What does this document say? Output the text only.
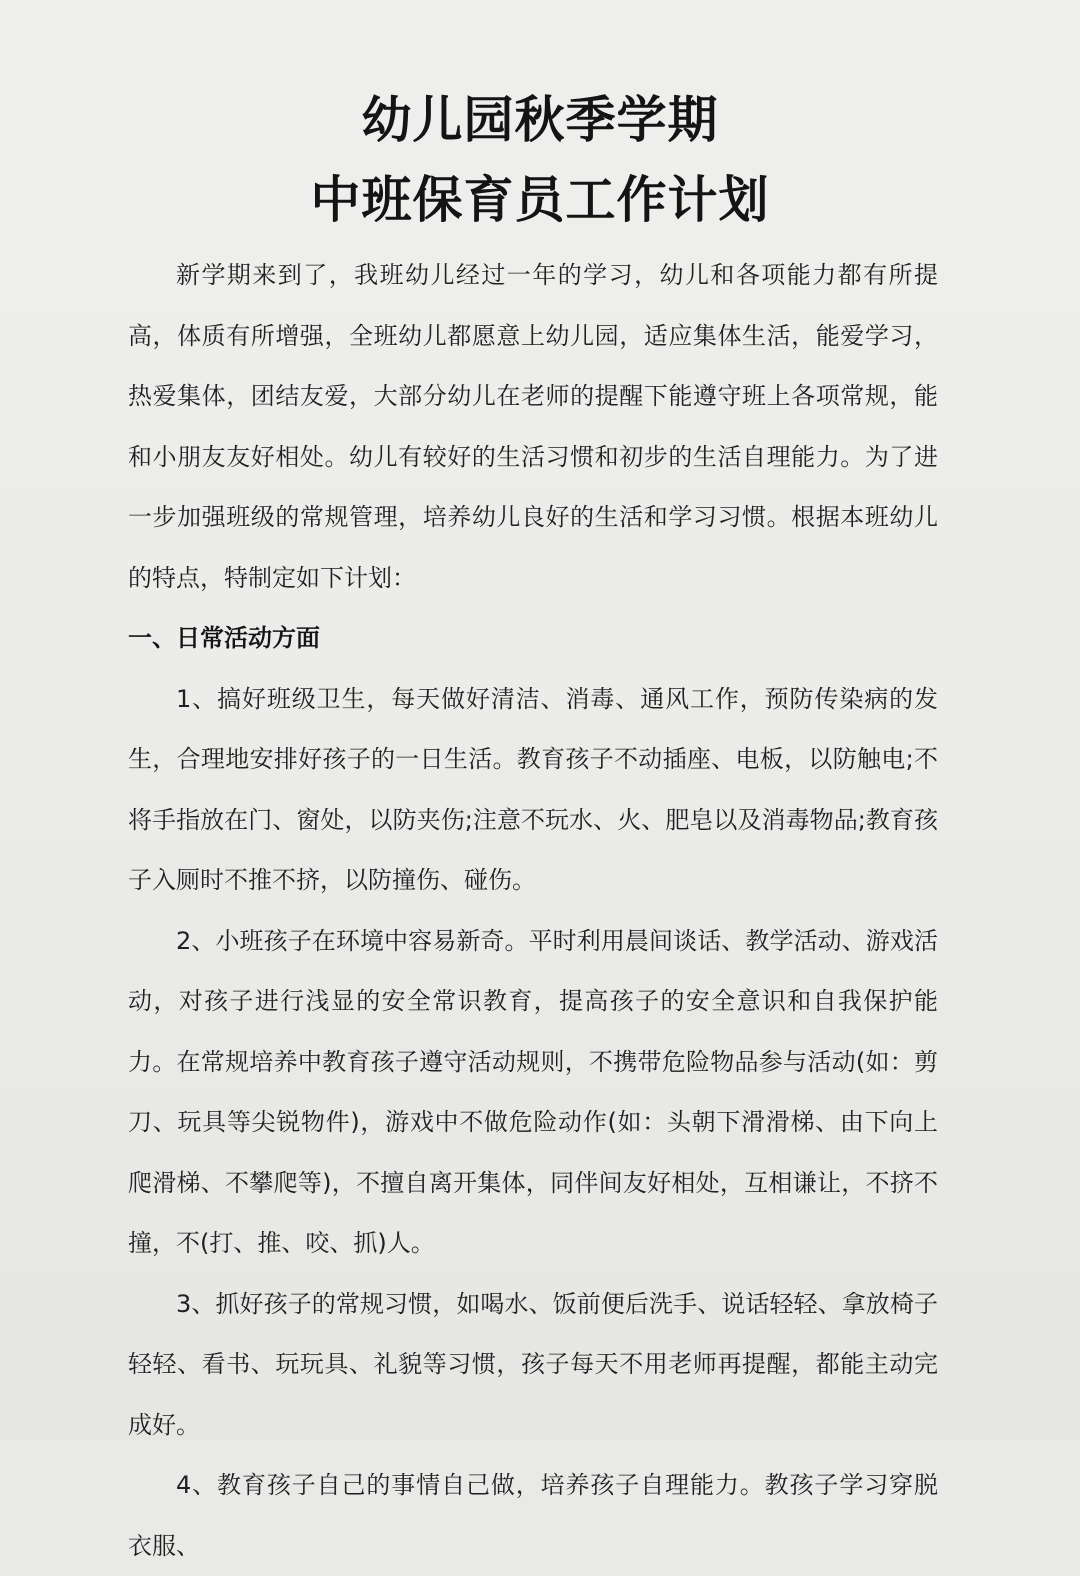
幼儿园秋季学期
中班保育员工作计划

新学期来到了，我班幼儿经过一年的学习，幼儿和各项能力都有所提高，体质有所增强，全班幼儿都愿意上幼儿园，适应集体生活，能爱学习，热爱集体，团结友爱，大部分幼儿在老师的提醒下能遵守班上各项常规，能和小朋友友好相处。幼儿有较好的生活习惯和初步的生活自理能力。为了进一步加强班级的常规管理，培养幼儿良好的生活和学习习惯。根据本班幼儿的特点，特制定如下计划：

一、日常活动方面

1、搞好班级卫生，每天做好清洁、消毒、通风工作，预防传染病的发生，合理地安排好孩子的一日生活。教育孩子不动插座、电板，以防触电;不将手指放在门、窗处，以防夹伤;注意不玩水、火、肥皂以及消毒物品;教育孩子入厕时不推不挤，以防撞伤、碰伤。

2、小班孩子在环境中容易新奇。平时利用晨间谈话、教学活动、游戏活动，对孩子进行浅显的安全常识教育，提高孩子的安全意识和自我保护能力。在常规培养中教育孩子遵守活动规则，不携带危险物品参与活动(如：剪刀、玩具等尖锐物件)，游戏中不做危险动作(如：头朝下滑滑梯、由下向上爬滑梯、不攀爬等)，不擅自离开集体，同伴间友好相处，互相谦让，不挤不撞，不(打、推、咬、抓)人。

3、抓好孩子的常规习惯，如喝水、饭前便后洗手、说话轻轻、拿放椅子轻轻、看书、玩玩具、礼貌等习惯，孩子每天不用老师再提醒，都能主动完成好。

4、教育孩子自己的事情自己做，培养孩子自理能力。教孩子学习穿脱 衣服、
